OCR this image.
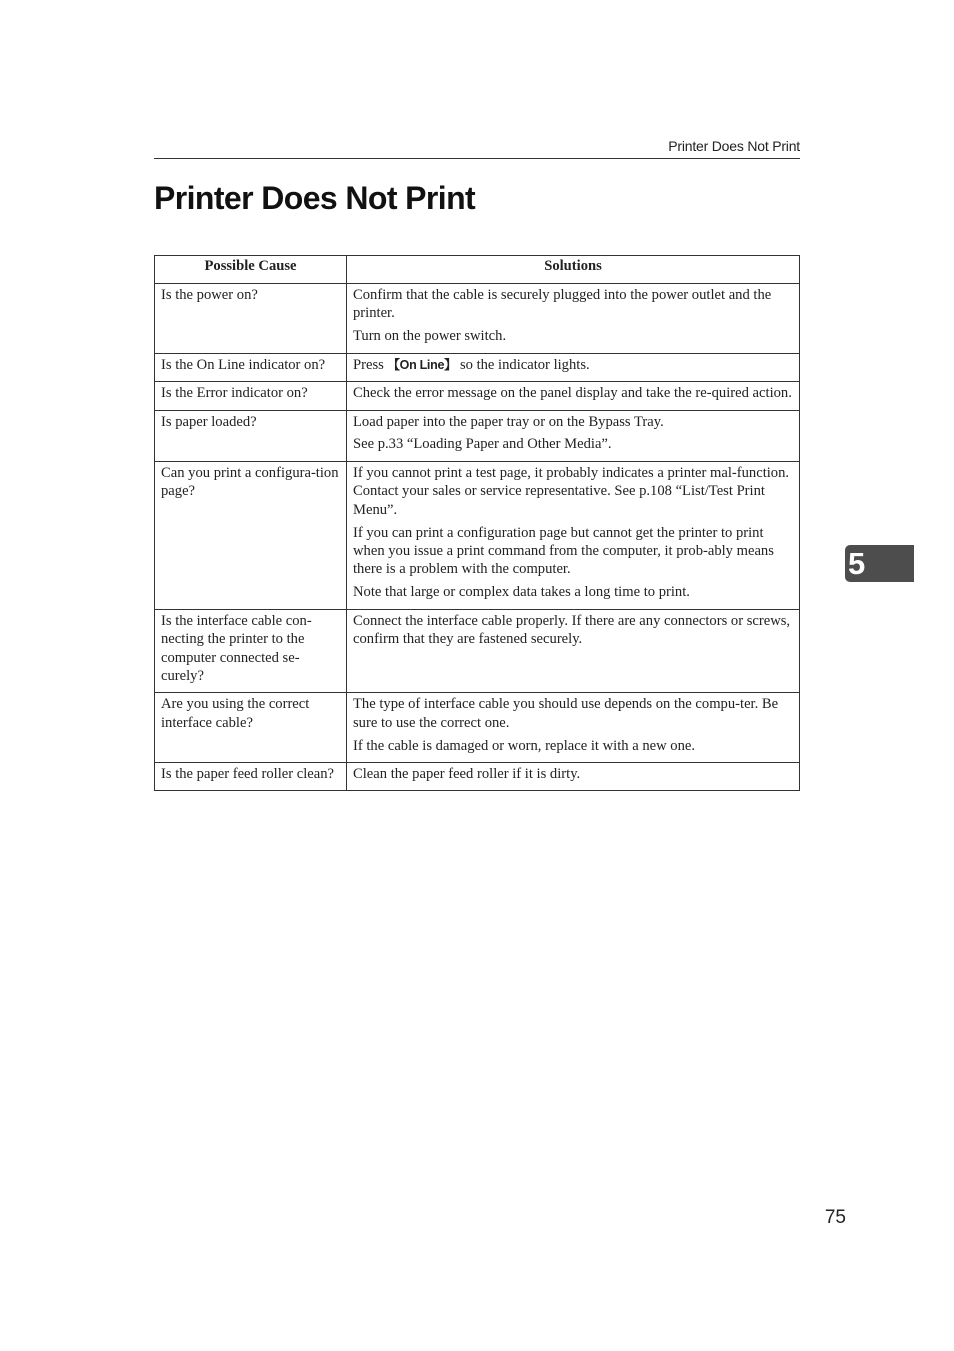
Printer Does Not Print
Printer Does Not Print
Possible Cause	Solutions
Is the power on?	Confirm that the cable is securely plugged into the power outlet and the printer.

Turn on the power switch.

Is the On Line indicator on?	Press 【On Line】 so the indicator lights.

Is the Error indicator on?	Check the error message on the panel display and take the re-quired action.

Is paper loaded?	Load paper into the paper tray or on the Bypass Tray.

See p.33 “Loading Paper and Other Media”.

Can you print a configura-tion page?	If you cannot print a test page, it probably indicates a printer mal-function. Contact your sales or service representative. See p.108 “List/Test Print Menu”.

If you can print a configuration page but cannot get the printer to print when you issue a print command from the computer, it prob-ably means there is a problem with the computer.

Note that large or complex data takes a long time to print.

Is the interface cable con-necting the printer to the computer connected se-curely?	Connect the interface cable properly. If there are any connectors or screws, confirm that they are fastened securely.

Are you using the correct interface cable?	The type of interface cable you should use depends on the compu-ter. Be sure to use the correct one.

If the cable is damaged or worn, replace it with a new one.

Is the paper feed roller clean?	Clean the paper feed roller if it is dirty.

5
75
